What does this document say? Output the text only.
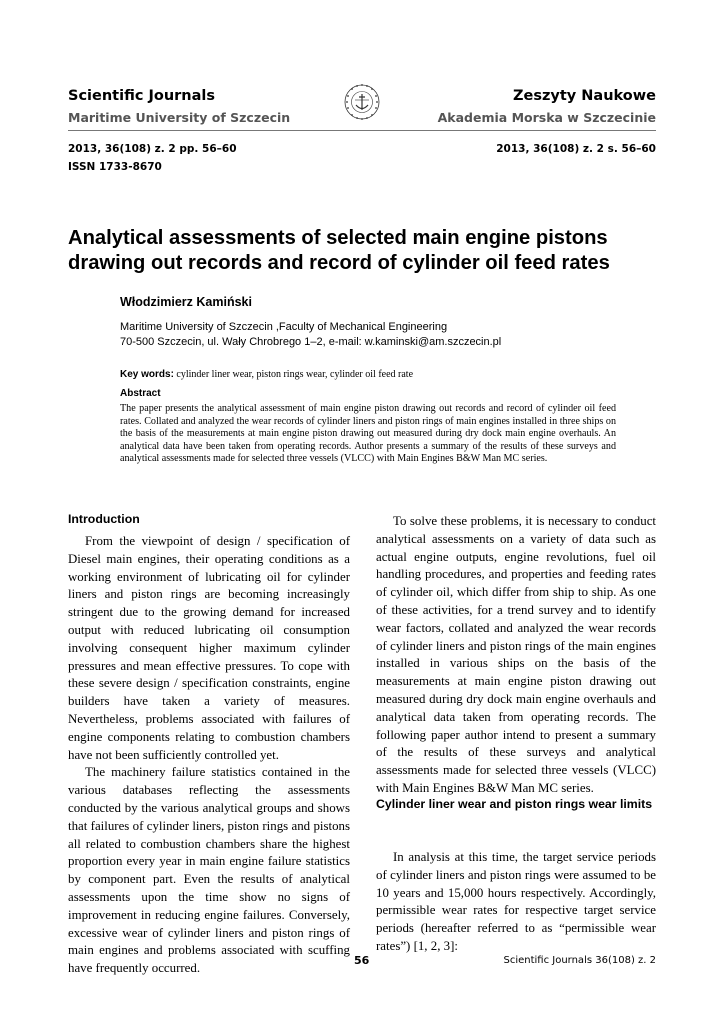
Scientific Journals
Maritime University of Szczecin
Zeszyty Naukowe
Akademia Morska w Szczecinie
2013, 36(108) z. 2 pp. 56–60
ISSN 1733-8670
2013, 36(108) z. 2 s. 56–60
Analytical assessments of selected main engine pistons drawing out records and record of cylinder oil feed rates
Włodzimierz Kamiński
Maritime University of Szczecin ,Faculty of Mechanical Engineering
70-500 Szczecin, ul. Wały Chrobrego 1–2, e-mail: w.kaminski@am.szczecin.pl
Key words: cylinder liner wear, piston rings wear, cylinder oil feed rate
Abstract
The paper presents the analytical assessment of main engine piston drawing out records and record of cylinder oil feed rates. Collated and analyzed the wear records of cylinder liners and piston rings of main engines installed in three ships on the basis of the measurements at main engine piston drawing out measured during dry dock main engine overhauls. An analytical data have been taken from operating records. Author presents a summary of the results of these surveys and analytical assessments made for selected three vessels (VLCC) with Main Engines B&W Man MC series.
Introduction

From the viewpoint of design / specification of Diesel main engines, their operating conditions as a working environment of lubricating oil for cylinder liners and piston rings are becoming increasingly stringent due to the growing demand for increased output with reduced lubricating oil consumption involving consequent higher maximum cylinder pressures and mean effective pressures. To cope with these severe design / specification constraints, engine builders have taken a variety of measures. Nevertheless, problems associated with failures of engine components relating to combustion chambers have not been sufficiently controlled yet.

The machinery failure statistics contained in the various databases reflecting the assessments conducted by the various analytical groups and shows that failures of cylinder liners, piston rings and pistons all related to combustion chambers share the highest proportion every year in main engine failure statistics by component part. Even the results of analytical assessments upon the time show no signs of improvement in reducing engine failures. Conversely, excessive wear of cylinder liners and piston rings of main engines and problems associated with scuffing have frequently occurred.

To solve these problems, it is necessary to conduct analytical assessments on a variety of data such as actual engine outputs, engine revolutions, fuel oil handling procedures, and properties and feeding rates of cylinder oil, which differ from ship to ship. As one of these activities, for a trend survey and to identify wear factors, collated and analyzed the wear records of cylinder liners and piston rings of the main engines installed in various ships on the basis of the measurements at main engine piston drawing out measured during dry dock main engine overhauls and analytical data taken from operating records. The following paper author intend to present a summary of the results of these surveys and analytical assessments made for selected three vessels (VLCC) with Main Engines B&W Man MC series.

Cylinder liner wear and piston rings wear limits

In analysis at this time, the target service periods of cylinder liners and piston rings were assumed to be 10 years and 15,000 hours respectively. Accordingly, permissible wear rates for respective target service periods (hereafter referred to as “permissible wear rates”) [1, 2, 3]:

56	Scientific Journals 36(108) z. 2
